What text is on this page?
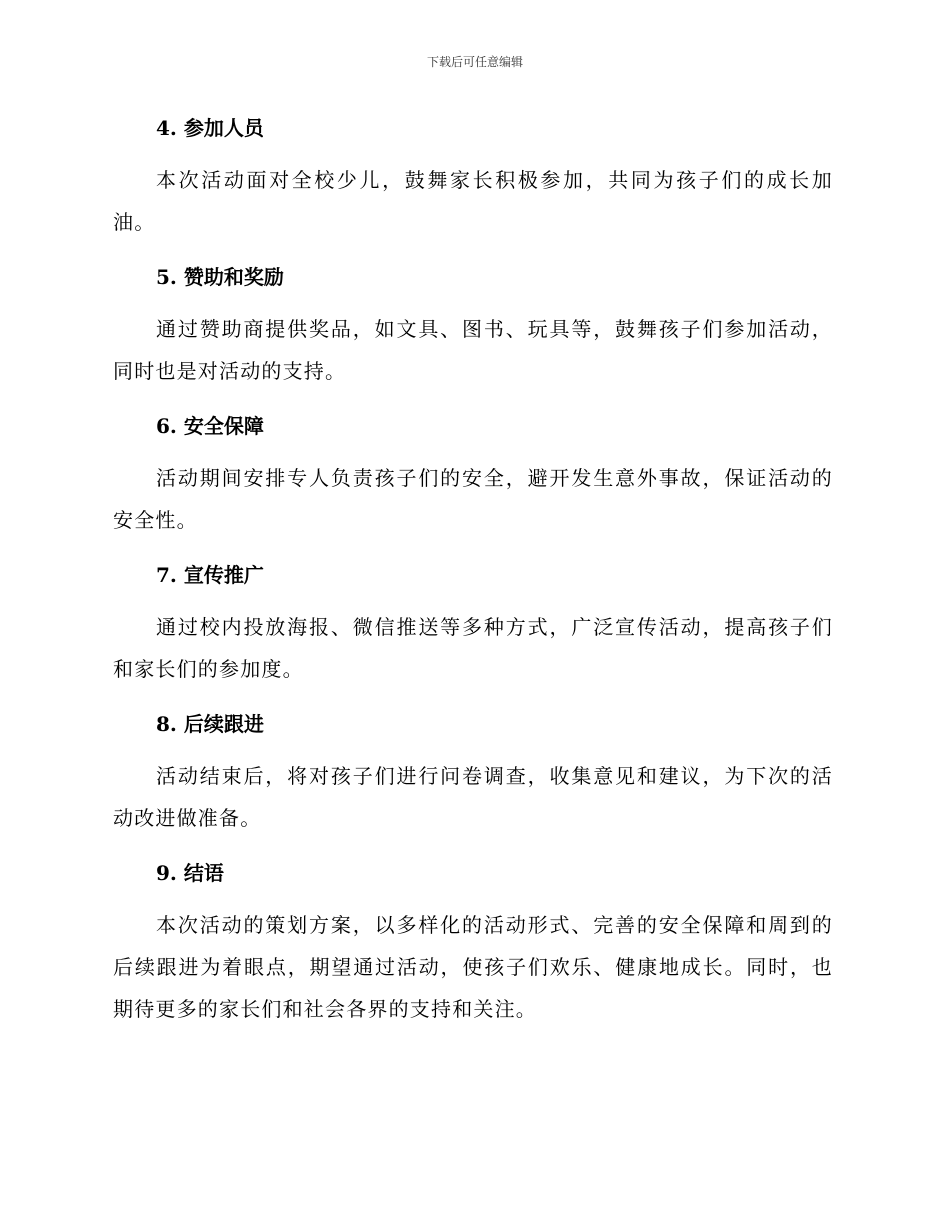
下载后可任意编辑
4. 参加人员

本次活动面对全校少儿，鼓舞家长积极参加，共同为孩子们的成长加油。

5. 赞助和奖励

通过赞助商提供奖品，如文具、图书、玩具等，鼓舞孩子们参加活动，同时也是对活动的支持。

6. 安全保障

活动期间安排专人负责孩子们的安全，避开发生意外事故，保证活动的安全性。

7. 宣传推广

通过校内投放海报、微信推送等多种方式，广泛宣传活动，提高孩子们和家长们的参加度。

8. 后续跟进

活动结束后，将对孩子们进行问卷调查，收集意见和建议，为下次的活动改进做准备。

9. 结语

本次活动的策划方案，以多样化的活动形式、完善的安全保障和周到的后续跟进为着眼点，期望通过活动，使孩子们欢乐、健康地成长。同时，也期待更多的家长们和社会各界的支持和关注。
